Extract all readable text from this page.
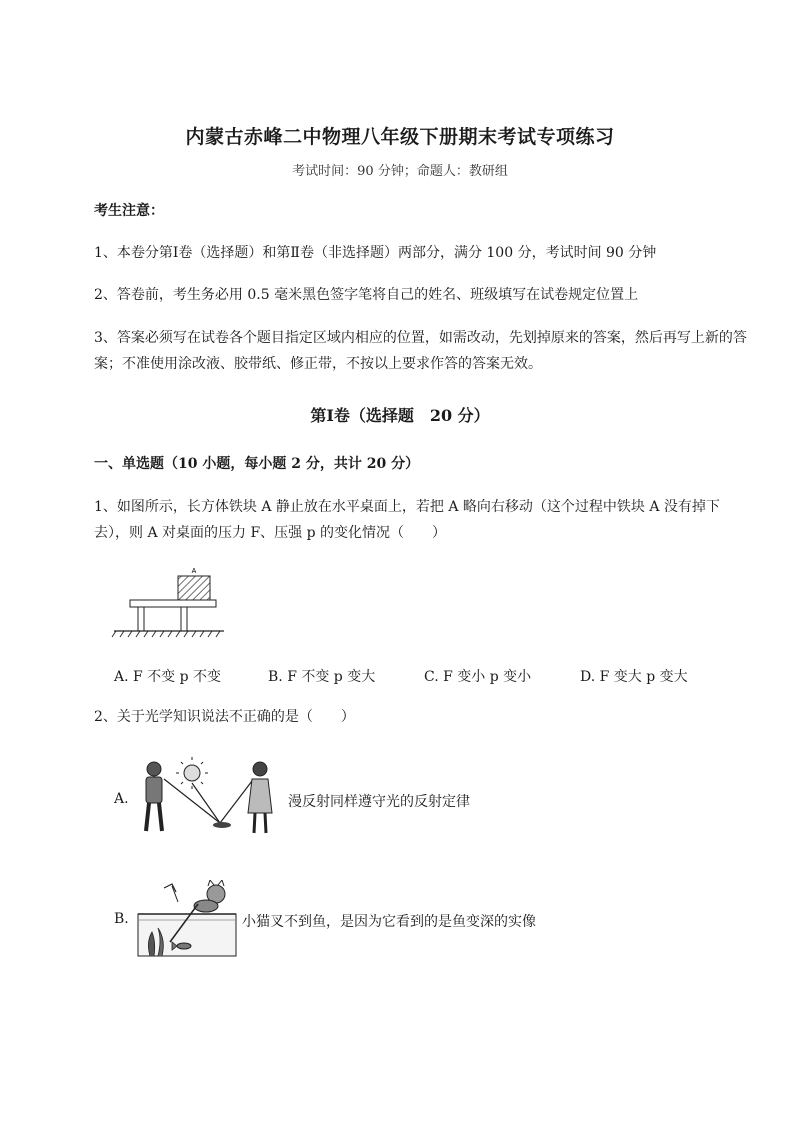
内蒙古赤峰二中物理八年级下册期末考试专项练习
考试时间：90 分钟；命题人：教研组
考生注意：
1、本卷分第Ⅰ卷（选择题）和第Ⅱ卷（非选择题）两部分，满分 100 分，考试时间 90 分钟
2、答卷前，考生务必用 0.5 毫米黑色签字笔将自己的姓名、班级填写在试卷规定位置上
3、答案必须写在试卷各个题目指定区域内相应的位置，如需改动，先划掉原来的答案，然后再写上新的答案；不准使用涂改液、胶带纸、修正带，不按以上要求作答的答案无效。
第Ⅰ卷（选择题　20 分）
一、单选题（10 小题，每小题 2 分，共计 20 分）
1、如图所示，长方体铁块 A 静止放在水平桌面上，若把 A 略向右移动（这个过程中铁块 A 没有掉下去），则 A 对桌面的压力 F、压强 p 的变化情况（　　）
A
A. F 不变 p 不变	B. F 不变 p 变大	C. F 变小 p 变小	D. F 变大 p 变大
2、关于光学知识说法不正确的是（　　）
A.	漫反射同样遵守光的反射定律
B.	小猫叉不到鱼，是因为它看到的是鱼变深的实像
